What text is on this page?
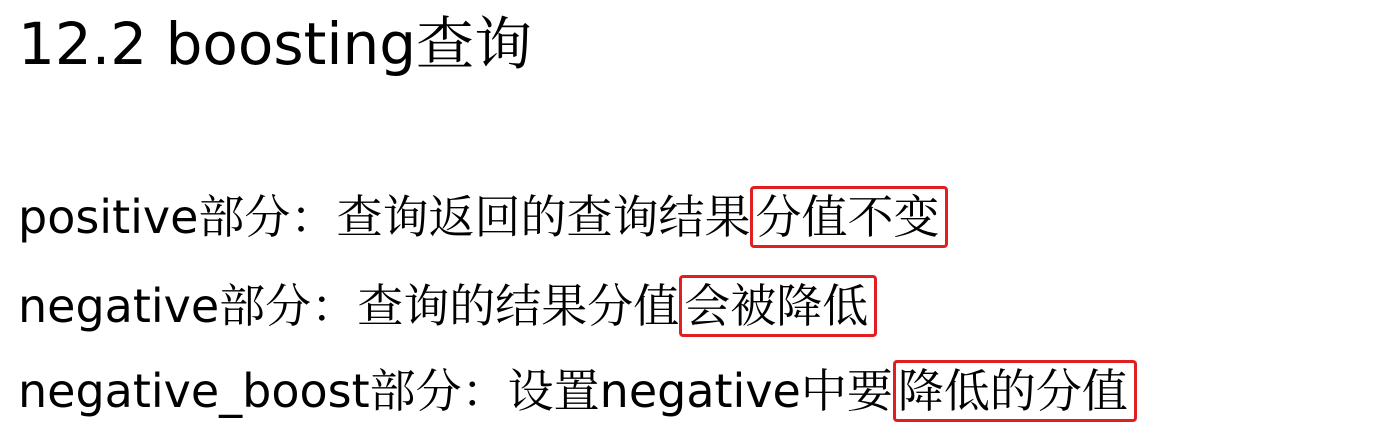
12.2 boosting查询
positive部分：查询返回的查询结果 分值不变
negative部分：查询的结果分值 会被降低
negative_boost部分：设置negative中要 降低的分值
